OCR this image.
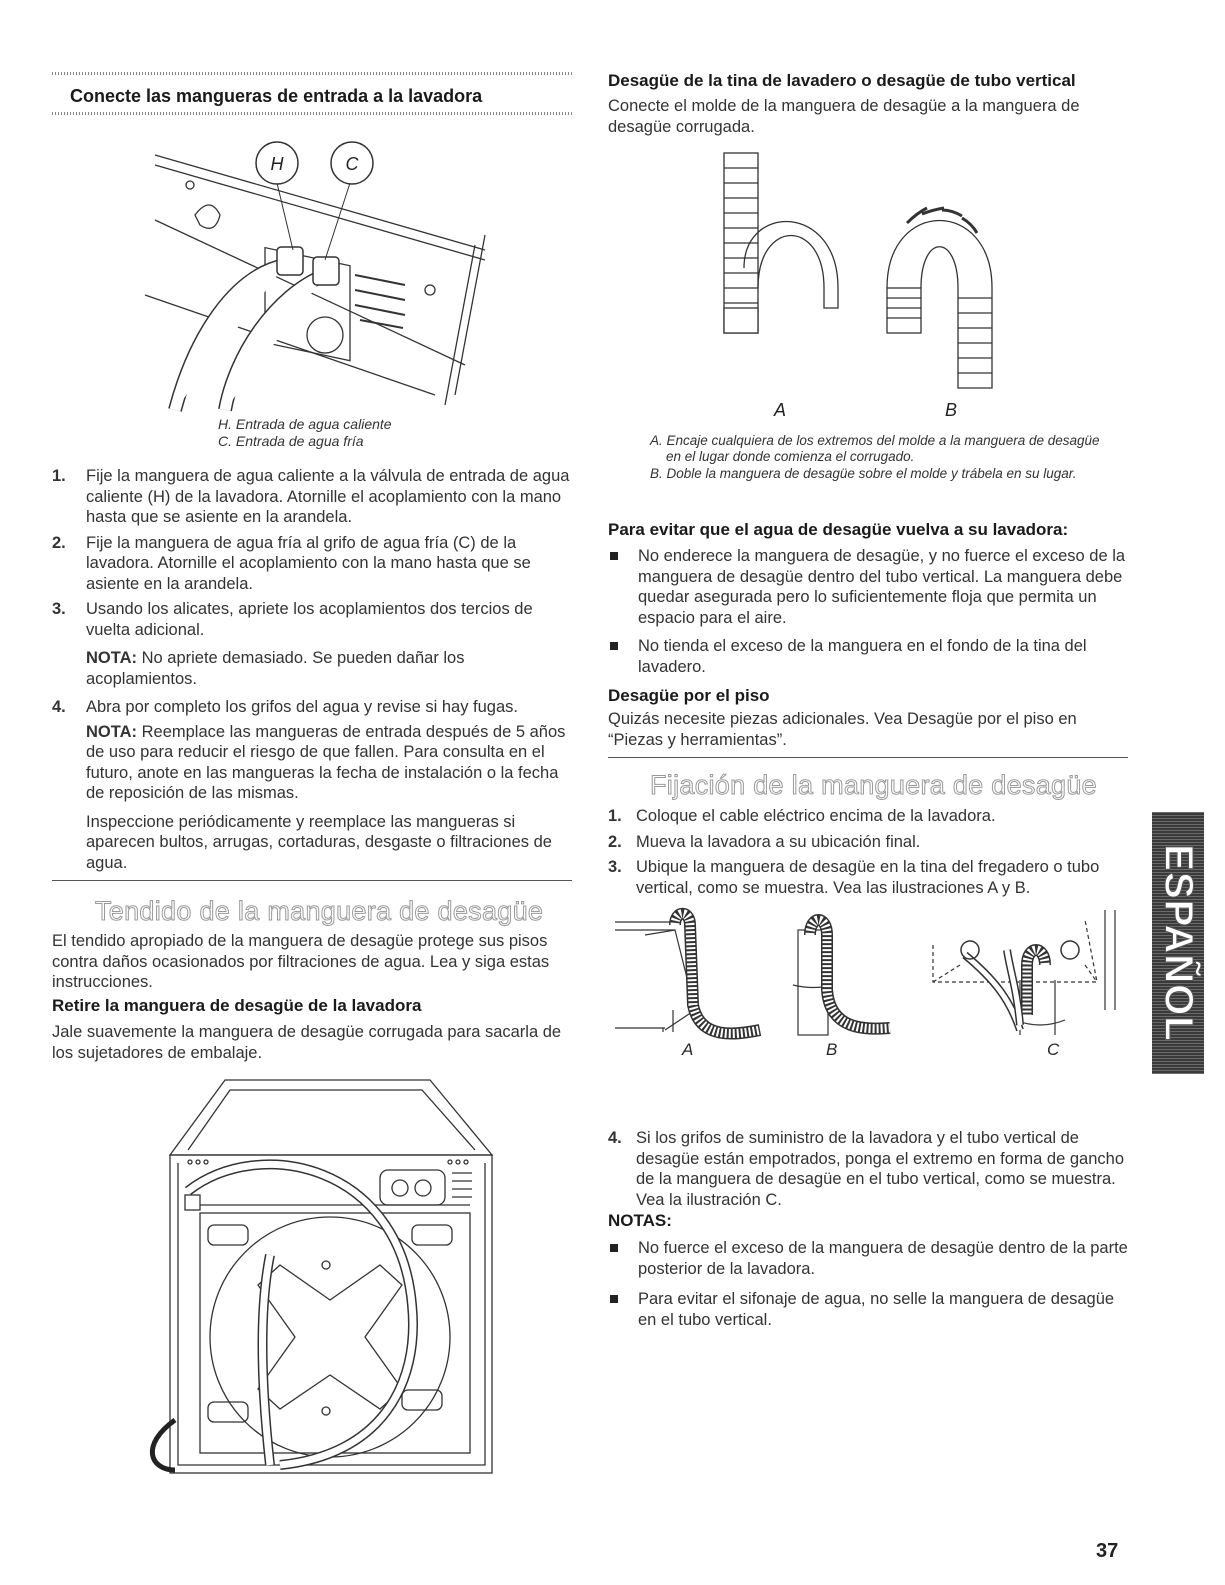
Conecte las mangueras de entrada a la lavadora
H	C
H. Entrada de agua caliente
C. Entrada de agua fría
1. Fije la manguera de agua caliente a la válvula de entrada de agua caliente (H) de la lavadora. Atornille el acoplamiento con la mano hasta que se asiente en la arandela.
2. Fije la manguera de agua fría al grifo de agua fría (C) de la lavadora. Atornille el acoplamiento con la mano hasta que se asiente en la arandela.
3. Usando los alicates, apriete los acoplamientos dos tercios de vuelta adicional.
NOTA: No apriete demasiado. Se pueden dañar los acoplamientos.
4. Abra por completo los grifos del agua y revise si hay fugas.
NOTA: Reemplace las mangueras de entrada después de 5 años de uso para reducir el riesgo de que fallen. Para consulta en el futuro, anote en las mangueras la fecha de instalación o la fecha de reposición de las mismas.
Inspeccione periódicamente y reemplace las mangueras si aparecen bultos, arrugas, cortaduras, desgaste o filtraciones de agua.
Tendido de la manguera de desagüe
El tendido apropiado de la manguera de desagüe protege sus pisos contra daños ocasionados por filtraciones de agua. Lea y siga estas instrucciones.
Retire la manguera de desagüe de la lavadora
Jale suavemente la manguera de desagüe corrugada para sacarla de los sujetadores de embalaje.
Desagüe de la tina de lavadero o desagüe de tubo vertical
Conecte el molde de la manguera de desagüe a la manguera de desagüe corrugada.
A	B
A. Encaje cualquiera de los extremos del molde a la manguera de desagüe en el lugar donde comienza el corrugado.
B. Doble la manguera de desagüe sobre el molde y trábela en su lugar.
Para evitar que el agua de desagüe vuelva a su lavadora:
No enderece la manguera de desagüe, y no fuerce el exceso de la manguera de desagüe dentro del tubo vertical. La manguera debe quedar asegurada pero lo suficientemente floja que permita un espacio para el aire.
No tienda el exceso de la manguera en el fondo de la tina del lavadero.
Desagüe por el piso
Quizás necesite piezas adicionales. Vea Desagüe por el piso en “Piezas y herramientas”.
Fijación de la manguera de desagüe
1. Coloque el cable eléctrico encima de la lavadora.
2. Mueva la lavadora a su ubicación final.
3. Ubique la manguera de desagüe en la tina del fregadero o tubo vertical, como se muestra. Vea las ilustraciones A y B.
A	B	C
4. Si los grifos de suministro de la lavadora y el tubo vertical de desagüe están empotrados, ponga el extremo en forma de gancho de la manguera de desagüe en el tubo vertical, como se muestra. Vea la ilustración C.
NOTAS:
No fuerce el exceso de la manguera de desagüe dentro de la parte posterior de la lavadora.
Para evitar el sifonaje de agua, no selle la manguera de desagüe en el tubo vertical.
ESPAÑOL
37
